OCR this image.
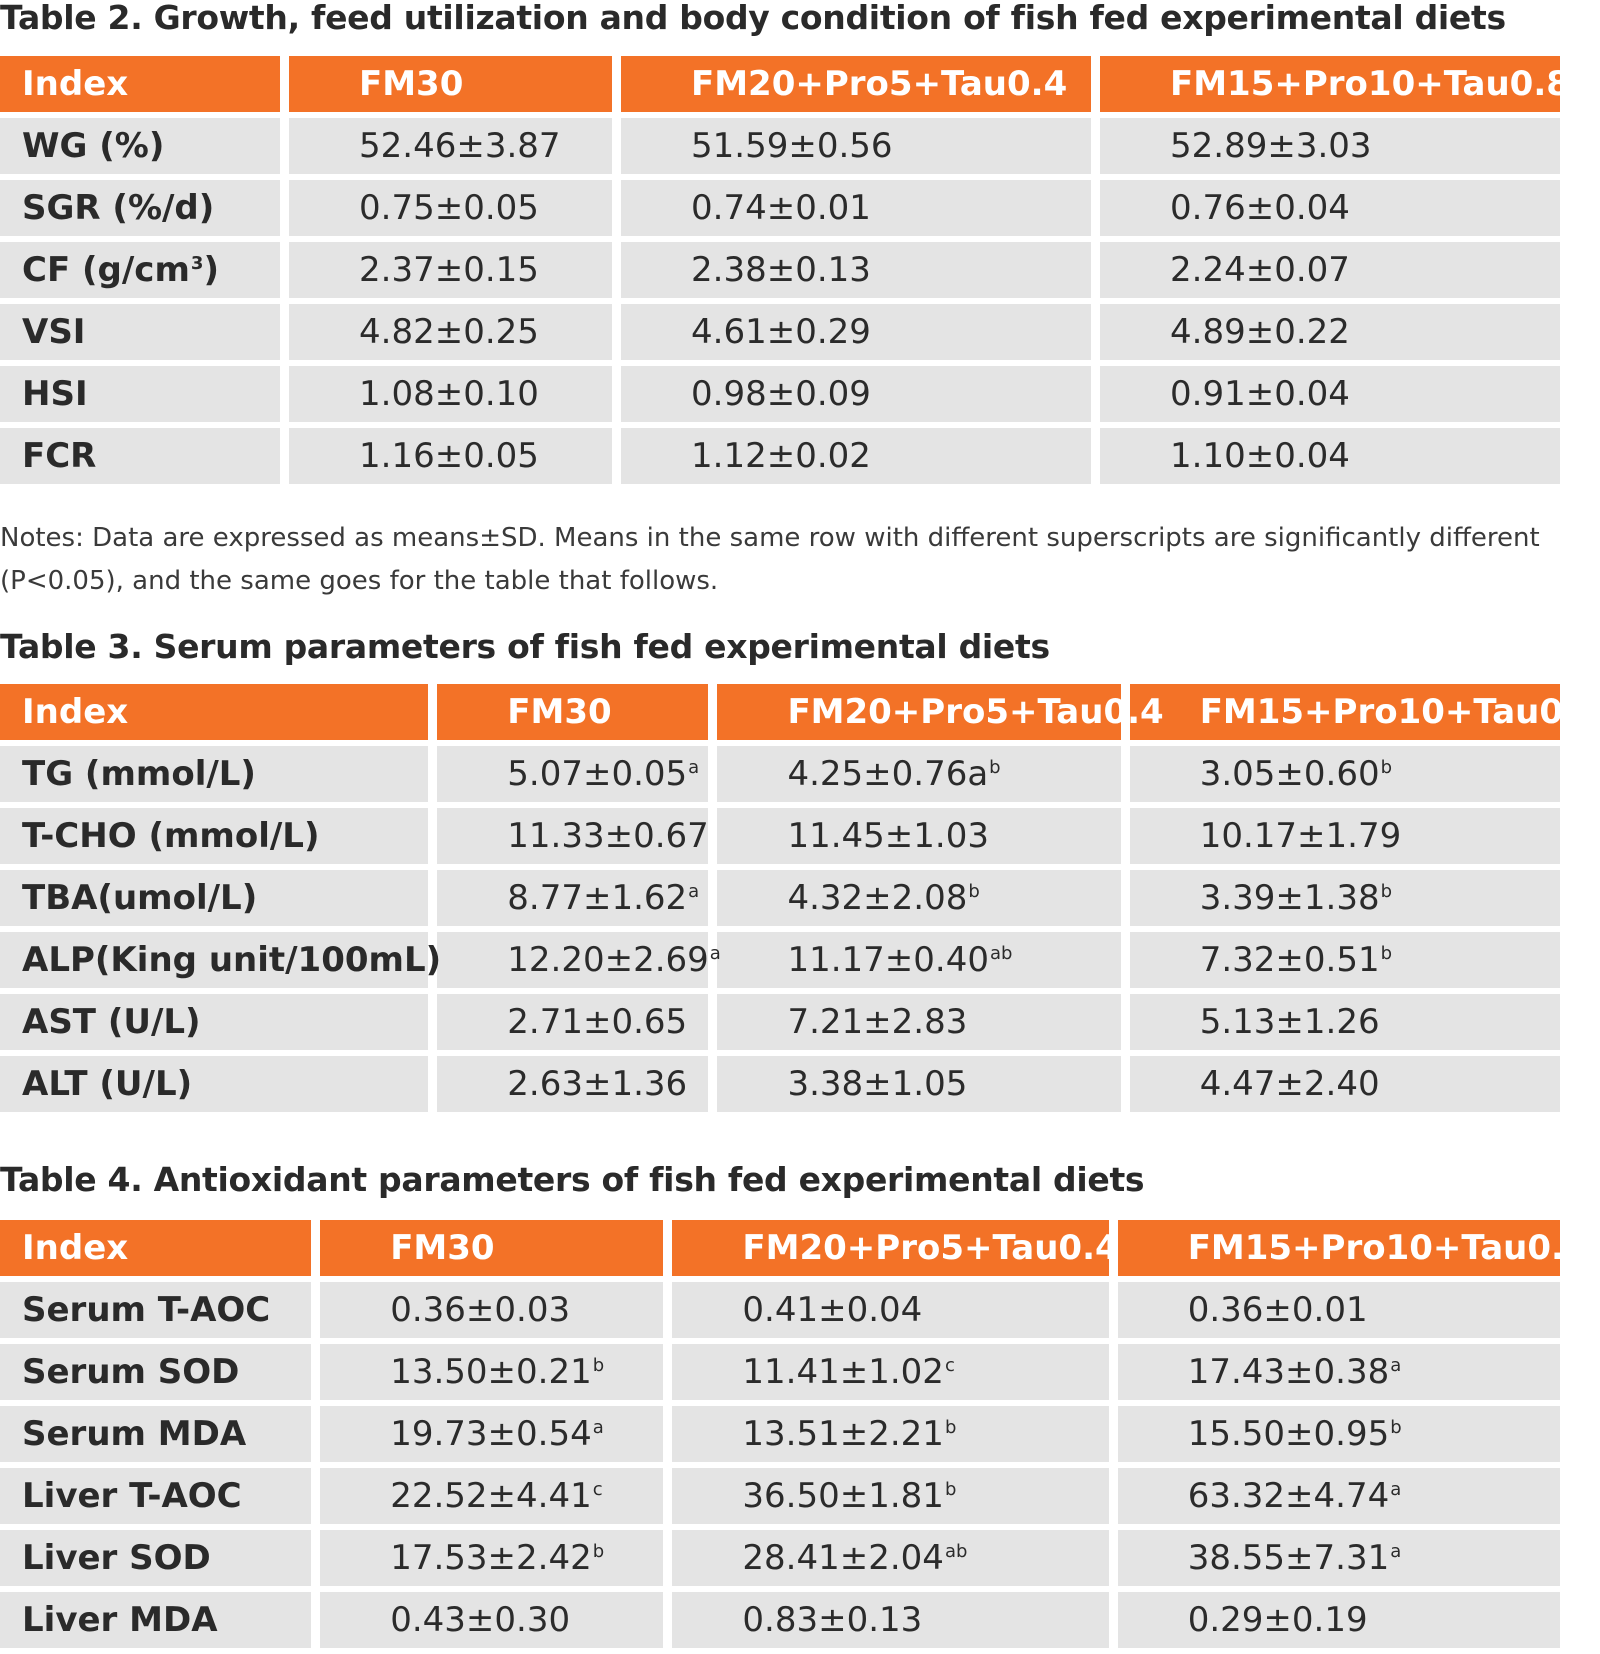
Table 2. Growth, feed utilization and body condition of fish fed experimental diets
Index	FM30	FM20+Pro5+Tau0.4	FM15+Pro10+Tau0.8
WG (%)	52.46±3.87	51.59±0.56	52.89±3.03
SGR (%/d)	0.75±0.05	0.74±0.01	0.76±0.04
CF $(g/cm^3)$	2.37±0.15	2.38±0.13	2.24±0.07
VSI	4.82±0.25	4.61±0.29	4.89±0.22
HSI	1.08±0.10	0.98±0.09	0.91±0.04
FCR	1.16±0.05	1.12±0.02	1.10±0.04

Notes: Data are expressed as means±SD. Means in the same row with different superscripts are significantly different (P<0.05), and the same goes for the table that follows.

Table 3. Serum parameters of fish fed experimental diets
Index	FM30	FM20+Pro5+Tau0.4	FM15+Pro10+Tau0.8
TG (mmol/L)	5.07±0.05$^a$	$4.25\pm 0.76a^b$	3.05±0.60$^b$
T-CHO (mmol/L)	11.33±0.67	11.45±1.03	10.17±1.79
TBA(umol/L)	8.77±1.62$^a$	4.32±2.08$^b$	3.39±1.38$^b$
ALP(King unit/100mL)	12.20±2.69$^a$	11.17±0.40$^{ab}$	7.32±0.51$^b$
AST (U/L)	2.71±0.65	7.21±2.83	5.13±1.26
ALT (U/L)	2.63±1.36	3.38±1.05	4.47±2.40
Table 4. Antioxidant parameters of fish fed experimental diets
Index	FM30	FM20+Pro5+Tau0.4	FM15+Pro10+Tau0.8
Serum T-AOC	0.36±0.03	0.41±0.04	0.36±0.01
Serum SOD	13.50±0.21$^b$	11.41±1.02$^c$	17.43±0.38$^a$
Serum MDA	19.73±0.54$^a$	13.51±2.21$^b$	15.50±0.95$^b$
Liver T-AOC	22.52±4.41$^c$	36.50±1.81$^b$	63.32±4.74$^a$
Liver SOD	17.53±2.42$^b$	28.41±2.04$^{ab}$	38.55±7.31$^a$
Liver MDA	0.43±0.30	0.83±0.13	0.29±0.19
